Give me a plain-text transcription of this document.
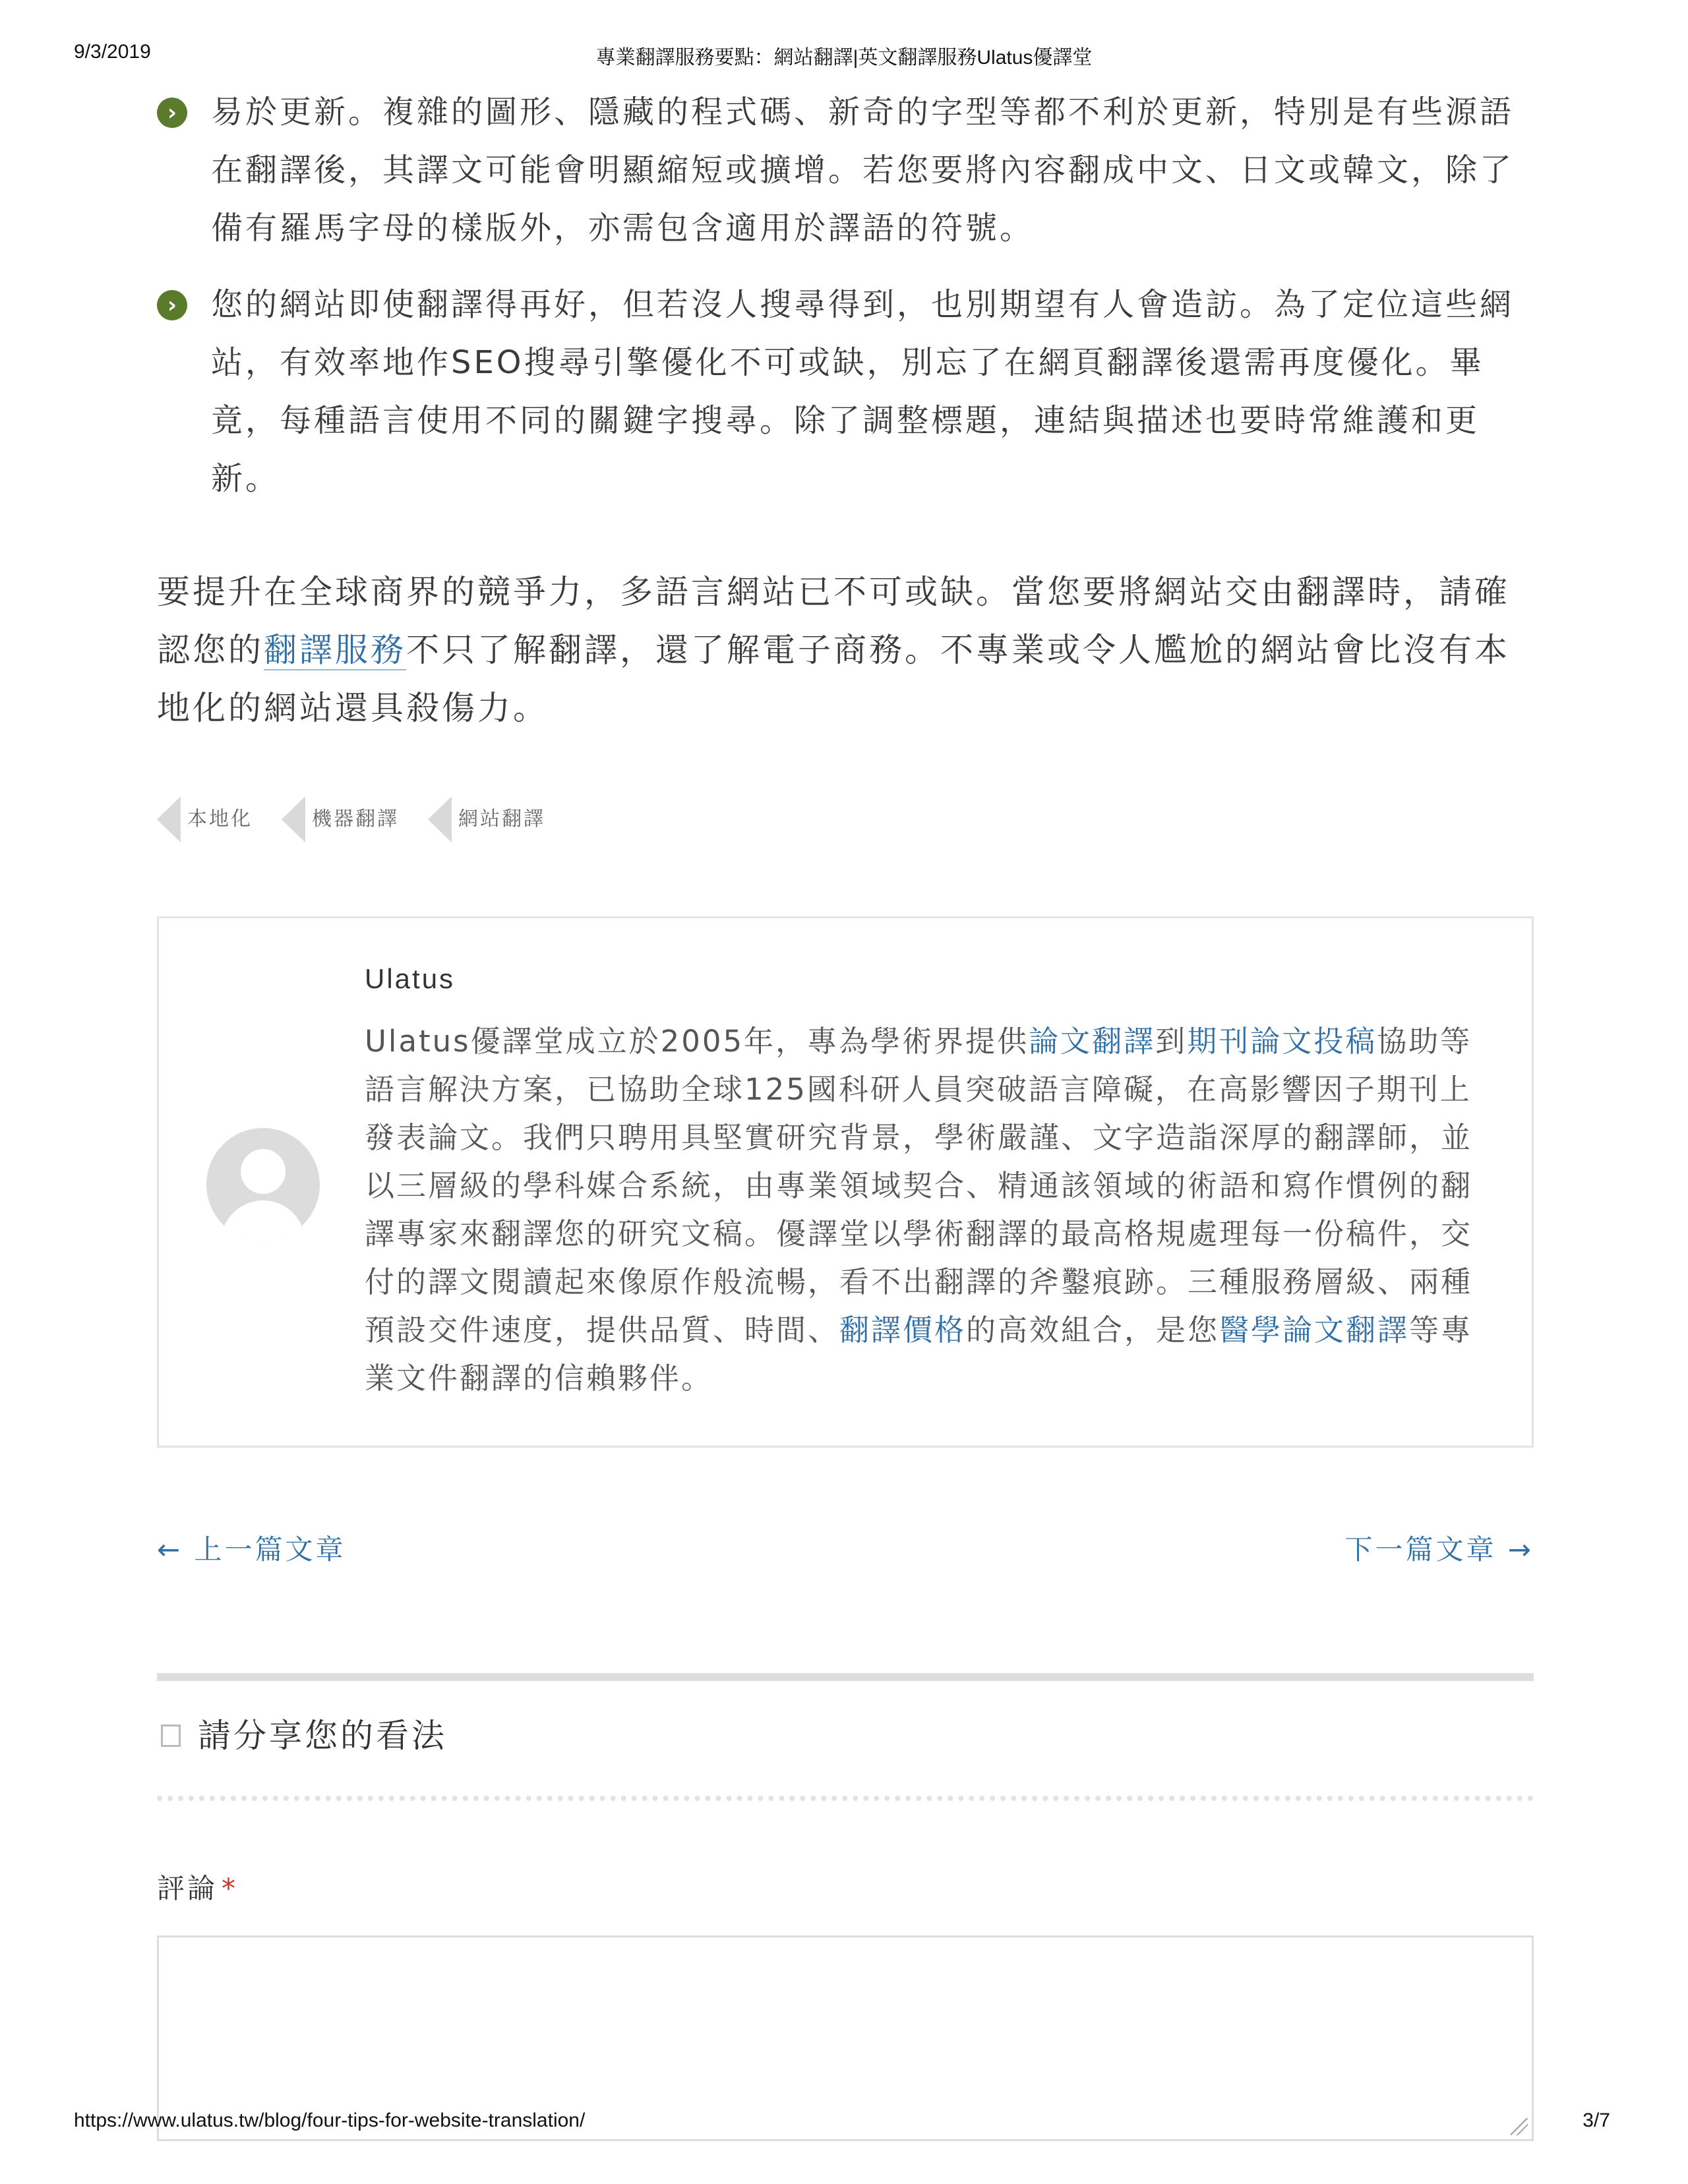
9/3/2019	專業翻譯服務要點：網站翻譯|英文翻譯服務Ulatus優譯堂
›	易於更新。複雜的圖形、隱藏的程式碼、新奇的字型等都不利於更新，特別是有些源語在翻譯後，其譯文可能會明顯縮短或擴增。若您要將內容翻成中文、日文或韓文，除了備有羅馬字母的樣版外，亦需包含適用於譯語的符號。
›	您的網站即使翻譯得再好，但若沒人搜尋得到，也別期望有人會造訪。為了定位這些網站，有效率地作SEO搜尋引擎優化不可或缺，別忘了在網頁翻譯後還需再度優化。畢竟，每種語言使用不同的關鍵字搜尋。除了調整標題，連結與描述也要時常維護和更新。
要提升在全球商界的競爭力，多語言網站已不可或缺。當您要將網站交由翻譯時，請確認您的翻譯服務不只了解翻譯，還了解電子商務。不專業或令人尷尬的網站會比沒有本地化的網站還具殺傷力。
本地化	機器翻譯	網站翻譯
Ulatus
Ulatus優譯堂成立於2005年，專為學術界提供論文翻譯到期刊論文投稿協助等語言解決方案，已協助全球125國科研人員突破語言障礙，在高影響因子期刊上發表論文。我們只聘用具堅實研究背景，學術嚴謹、文字造詣深厚的翻譯師，並以三層級的學科媒合系統，由專業領域契合、精通該領域的術語和寫作慣例的翻譯專家來翻譯您的研究文稿。優譯堂以學術翻譯的最高格規處理每一份稿件，交付的譯文閱讀起來像原作般流暢，看不出翻譯的斧鑿痕跡。三種服務層級、兩種預設交件速度，提供品質、時間、翻譯價格的高效組合，是您醫學論文翻譯等專業文件翻譯的信賴夥伴。
← 上一篇文章	下一篇文章 →
請分享您的看法
評論 *
https://www.ulatus.tw/blog/four-tips-for-website-translation/	3/7
